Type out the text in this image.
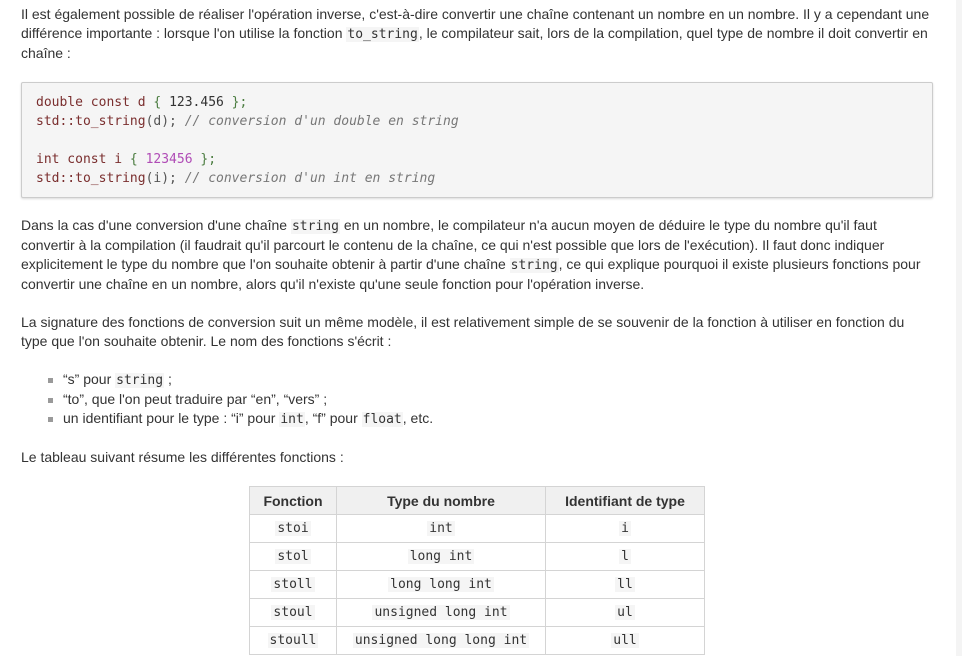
Il est également possible de réaliser l'opération inverse, c'est-à-dire convertir une chaîne contenant un nombre en un nombre. Il y a cependant une différence importante : lorsque l'on utilise la fonction to_string, le compilateur sait, lors de la compilation, quel type de nombre il doit convertir en chaîne :

double const d { 123.456 };
std::to_string(d); // conversion d'un double en string

int const i { 123456 };
std::to_string(i); // conversion d'un int en string

Dans la cas d'une conversion d'une chaîne string en un nombre, le compilateur n'a aucun moyen de déduire le type du nombre qu'il faut convertir à la compilation (il faudrait qu'il parcourt le contenu de la chaîne, ce qui n'est possible que lors de l'exécution). Il faut donc indiquer explicitement le type du nombre que l'on souhaite obtenir à partir d'une chaîne string, ce qui explique pourquoi il existe plusieurs fonctions pour convertir une chaîne en un nombre, alors qu'il n'existe qu'une seule fonction pour l'opération inverse.

La signature des fonctions de conversion suit un même modèle, il est relativement simple de se souvenir de la fonction à utiliser en fonction du type que l'on souhaite obtenir. Le nom des fonctions s'écrit :

“s” pour string ;
“to”, que l'on peut traduire par “en”, “vers” ;
un identifiant pour le type : “i” pour int, “f” pour float, etc.

Le tableau suivant résume les différentes fonctions :

Fonction	Type du nombre	Identifiant de type
stoi	int	i
stol	long int	l
stoll	long long int	ll
stoul	unsigned long int	ul
stoull	unsigned long long int	ull
